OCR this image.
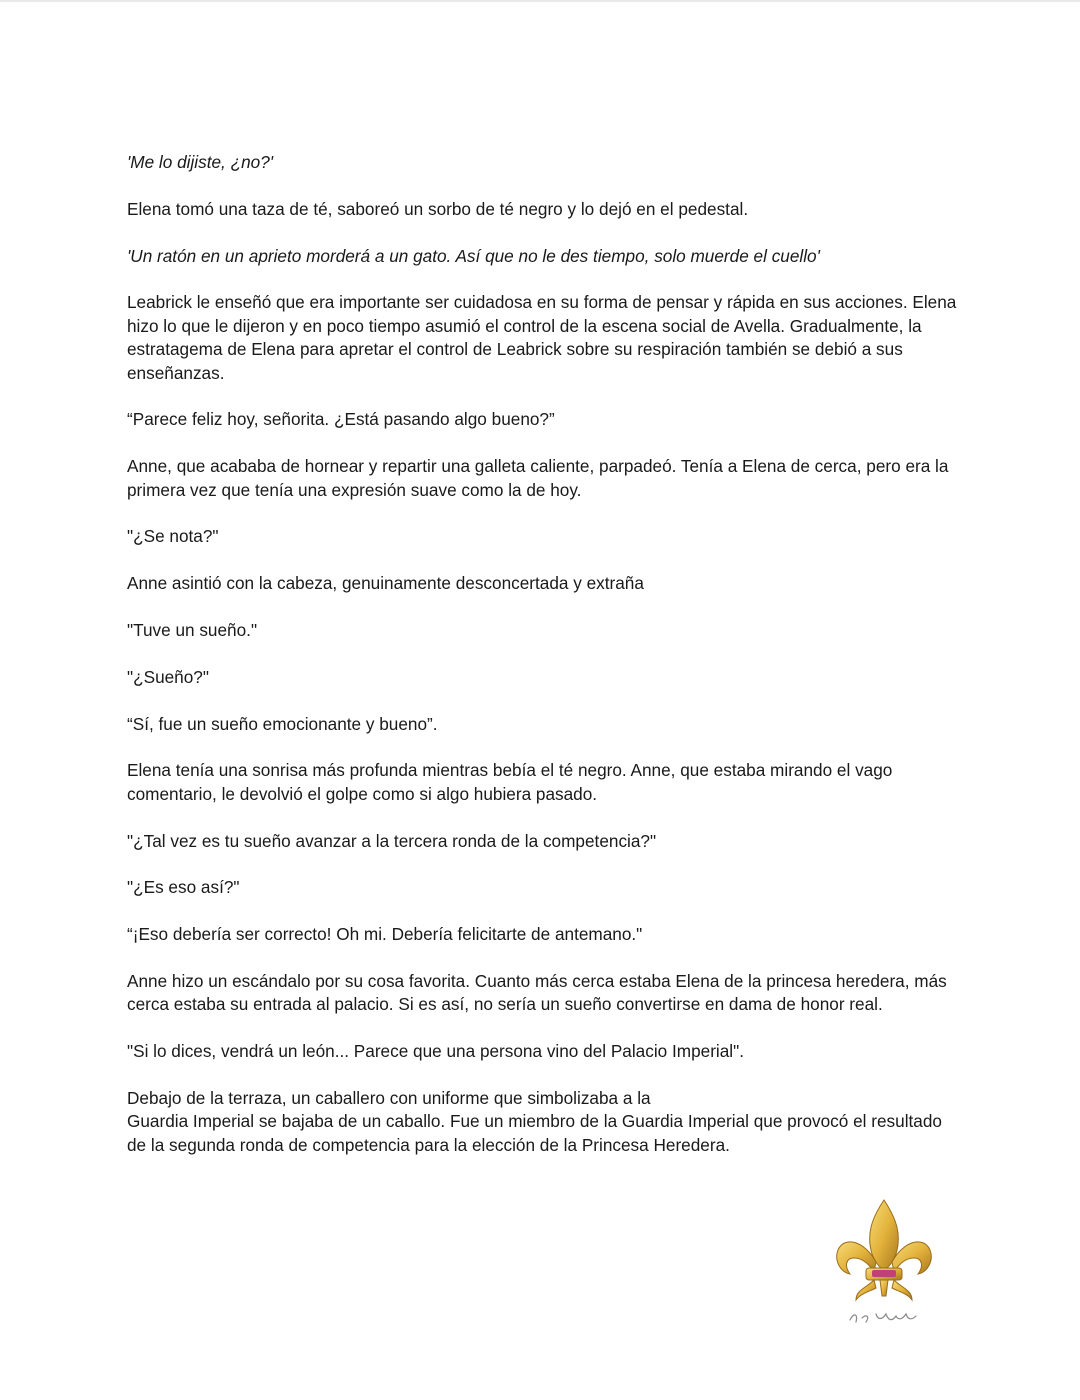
'Me lo dijiste, ¿no?'

Elena tomó una taza de té, saboreó un sorbo de té negro y lo dejó en el pedestal.

'Un ratón en un aprieto morderá a un gato. Así que no le des tiempo, solo muerde el cuello'

Leabrick le enseñó que era importante ser cuidadosa en su forma de pensar y rápida en sus acciones. Elena hizo lo que le dijeron y en poco tiempo asumió el control de la escena social de Avella. Gradualmente, la estratagema de Elena para apretar el control de Leabrick sobre su respiración también se debió a sus enseñanzas.

“Parece feliz hoy, señorita. ¿Está pasando algo bueno?”

Anne, que acababa de hornear y repartir una galleta caliente, parpadeó. Tenía a Elena de cerca, pero era la primera vez que tenía una expresión suave como la de hoy.

"¿Se nota?"

Anne asintió con la cabeza, genuinamente desconcertada y extraña

"Tuve un sueño."

"¿Sueño?"

“Sí, fue un sueño emocionante y bueno”.

Elena tenía una sonrisa más profunda mientras bebía el té negro. Anne, que estaba mirando el vago comentario, le devolvió el golpe como si algo hubiera pasado.

"¿Tal vez es tu sueño avanzar a la tercera ronda de la competencia?"

"¿Es eso así?"

“¡Eso debería ser correcto! Oh mi. Debería felicitarte de antemano."

Anne hizo un escándalo por su cosa favorita. Cuanto más cerca estaba Elena de la princesa heredera, más cerca estaba su entrada al palacio. Si es así, no sería un sueño convertirse en dama de honor real.

"Si lo dices, vendrá un león... Parece que una persona vino del Palacio Imperial".

Debajo de la terraza, un caballero con uniforme que simbolizaba a la
Guardia Imperial se bajaba de un caballo. Fue un miembro de la Guardia Imperial que provocó el resultado de la segunda ronda de competencia para la elección de la Princesa Heredera.
